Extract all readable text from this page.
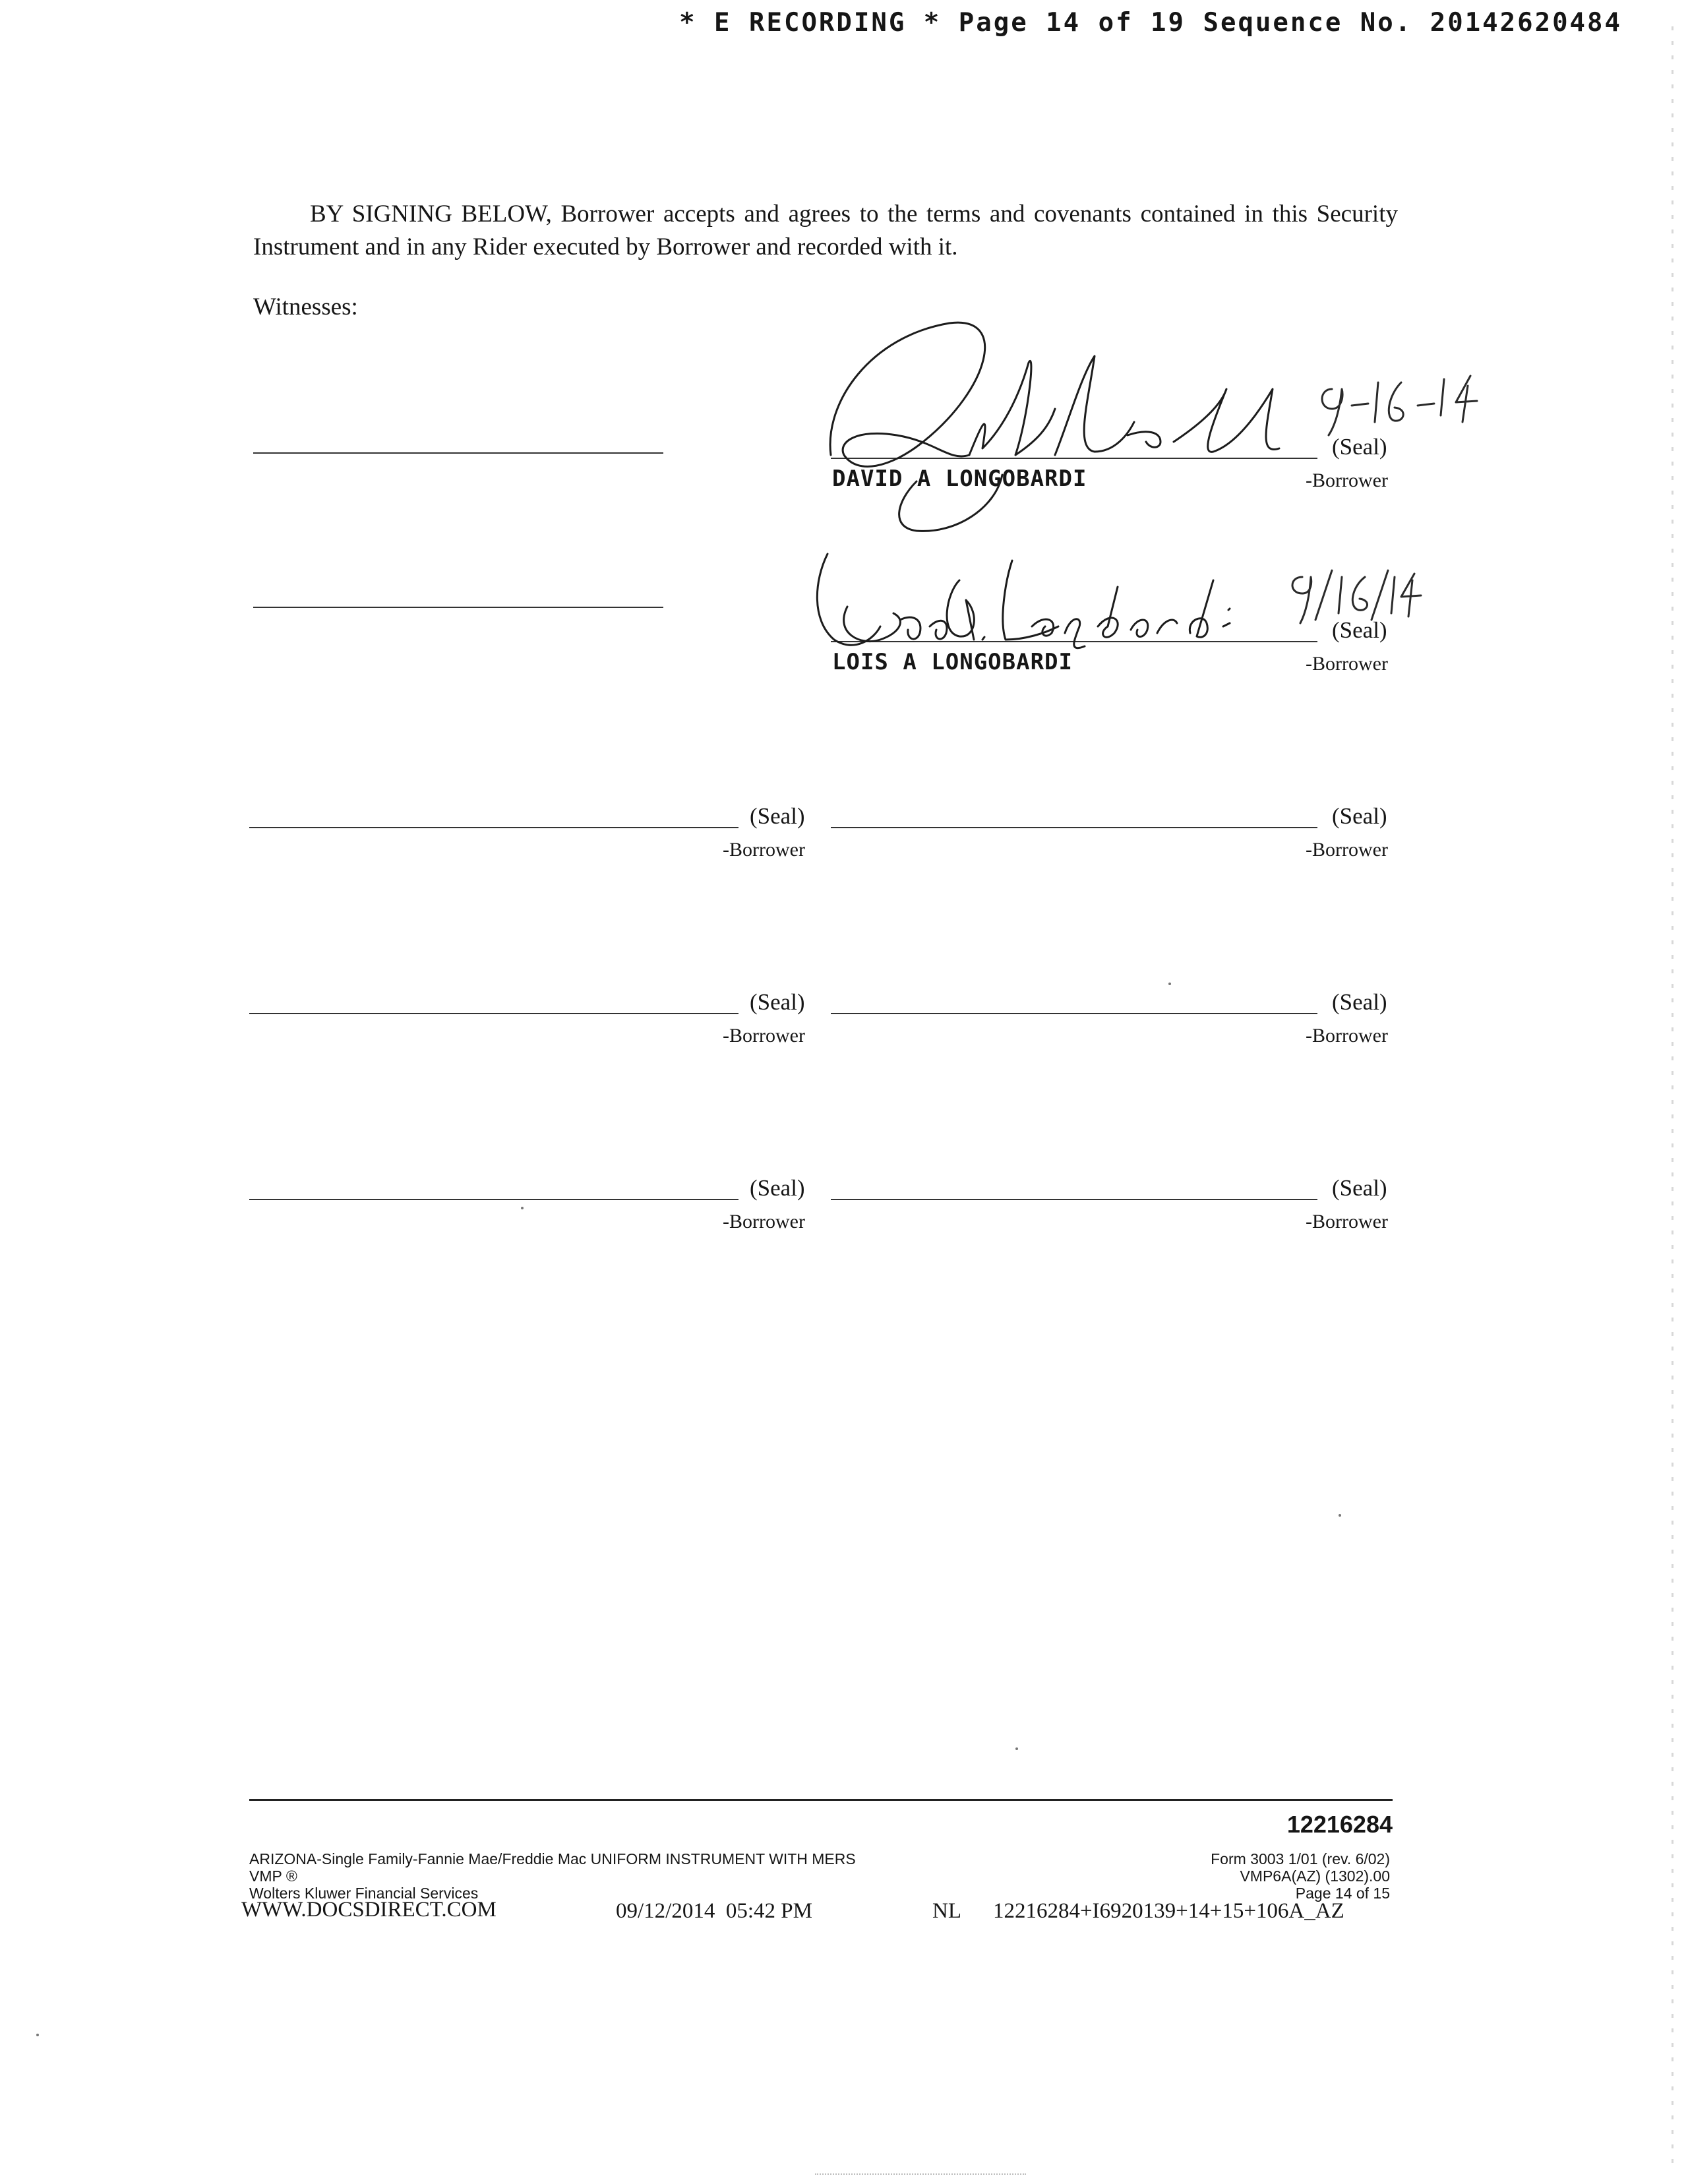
* E RECORDING * Page 14 of 19 Sequence No. 20142620484
BY SIGNING BELOW, Borrower accepts and agrees to the terms and covenants contained in this Security Instrument and in any Rider executed by Borrower and recorded with it.
Witnesses:
(Seal)
-Borrower
DAVID A LONGOBARDI
(Seal)
-Borrower
LOIS A LONGOBARDI
(Seal)
-Borrower
(Seal)
-Borrower
(Seal)
-Borrower
(Seal)
-Borrower
(Seal)
-Borrower
(Seal)
-Borrower
12216284
ARIZONA-Single Family-Fannie Mae/Freddie Mac UNIFORM INSTRUMENT WITH MERS
VMP ®
Wolters Kluwer Financial Services
WWW.DOCSDIRECT.COM	09/12/2014  05:42 PM	NL 12216284+I6920139+14+15+106A_AZ
Form 3003 1/01 (rev. 6/02)
VMP6A(AZ) (1302).00
Page 14 of 15
